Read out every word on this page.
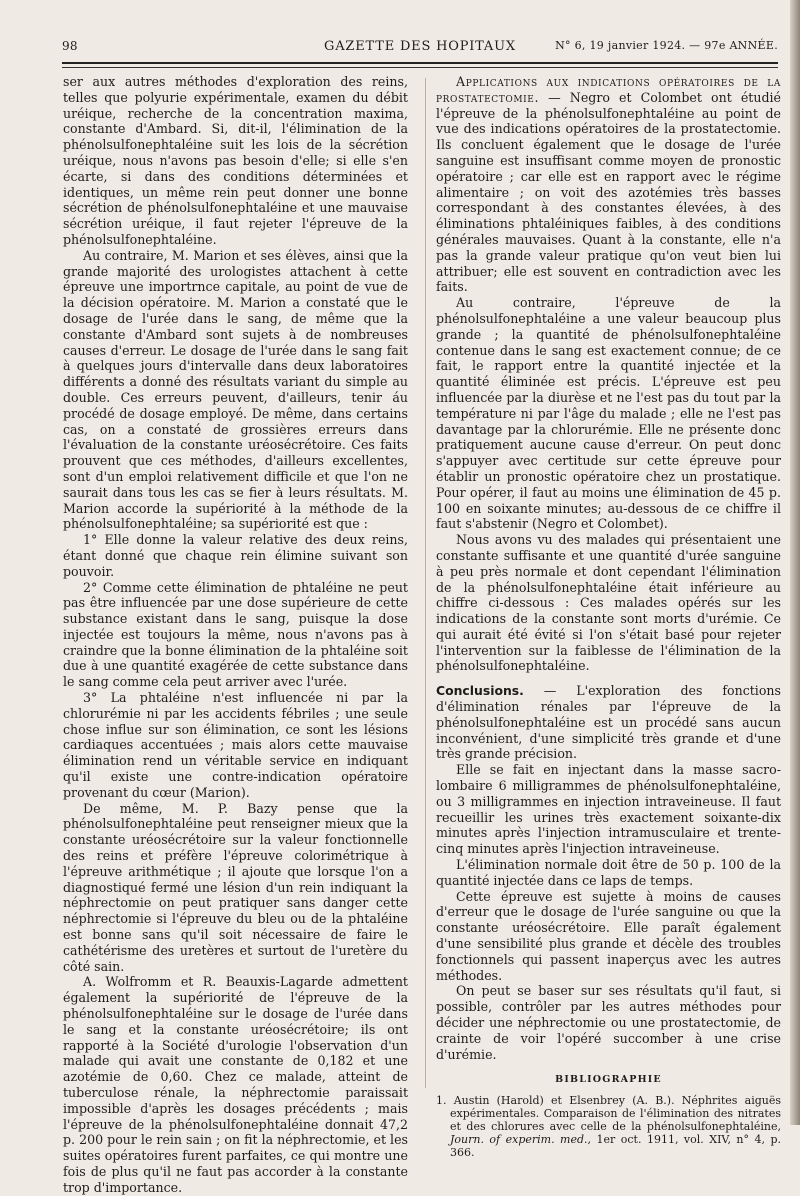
98	GAZETTE DES HOPITAUX	N° 6, 19 janvier 1924. — 97e ANNÉE.

ser aux autres méthodes d'exploration des reins, telles que polyurie expérimentale, examen du débit uréique, recherche de la concentration maxima, constante d'Ambard. Si, dit-il, l'élimination de la phénolsulfonephtaléine suit les lois de la sécrétion uréique, nous n'avons pas besoin d'elle; si elle s'en écarte, si dans des conditions déterminées et identiques, un même rein peut donner une bonne sécrétion de phénolsulfonephtaléine et une mauvaise sécrétion uréique, il faut rejeter l'épreuve de la phénolsulfonephtaléine.

Au contraire, M. Marion et ses élèves, ainsi que la grande majorité des urologistes attachent à cette épreuve une importrnce capitale, au point de vue de la décision opératoire. M. Marion a constaté que le dosage de l'urée dans le sang, de même que la constante d'Ambard sont sujets à de nombreuses causes d'erreur. Le dosage de l'urée dans le sang fait à quelques jours d'intervalle dans deux laboratoires différents a donné des résultats variant du simple au double. Ces erreurs peuvent, d'ailleurs, tenir áu procédé de dosage employé. De même, dans certains cas, on a constaté de grossières erreurs dans l'évaluation de la constante uréosécrétoire. Ces faits prouvent que ces méthodes, d'ailleurs excellentes, sont d'un emploi relativement difficile et que l'on ne saurait dans tous les cas se fier à leurs résultats. M. Marion accorde la supériorité à la méthode de la phénolsulfonephtaléine; sa supériorité est que :

1° Elle donne la valeur relative des deux reins, étant donné que chaque rein élimine suivant son pouvoir.

2° Comme cette élimination de phtaléine ne peut pas être influencée par une dose supérieure de cette substance existant dans le sang, puisque la dose injectée est toujours la même, nous n'avons pas à craindre que la bonne élimination de la phtaléine soit due à une quantité exagérée de cette substance dans le sang comme cela peut arriver avec l'urée.

3° La phtaléine n'est influencée ni par la chlorurémie ni par les accidents fébriles ; une seule chose influe sur son élimination, ce sont les lésions cardiaques accentuées ; mais alors cette mauvaise élimination rend un véritable service en indiquant qu'il existe une contre-indication opératoire provenant du cœur (Marion).

De même, M. P. Bazy pense que la phénolsulfonephtaléine peut renseigner mieux que la constante uréosécrétoire sur la valeur fonctionnelle des reins et préfère l'épreuve colorimétrique à l'épreuve arithmétique ; il ajoute que lorsque l'on a diagnostiqué fermé une lésion d'un rein indiquant la néphrectomie on peut pratiquer sans danger cette néphrectomie si l'épreuve du bleu ou de la phtaléine est bonne sans qu'il soit nécessaire de faire le cathétérisme des uretères et surtout de l'uretère du côté sain.

A. Wolfromm et R. Beauxis-Lagarde admettent également la supériorité de l'épreuve de la phénolsulfonephtaléine sur le dosage de l'urée dans le sang et la constante uréosécrétoire; ils ont rapporté à la Société d'urologie l'observation d'un malade qui avait une constante de 0,182 et une azotémie de 0,60. Chez ce malade, atteint de tuberculose rénale, la néphrectomie paraissait impossible d'après les dosages précédents ; mais l'épreuve de la phénolsulfonephtaléine donnait 47,2 p. 200 pour le rein sain ; on fit la néphrectomie, et les suites opératoires furent parfaites, ce qui montre une fois de plus qu'il ne faut pas accorder à la constante trop d'importance.

Applications aux indications opératoires de la prostatectomie. — Negro et Colombet ont étudié l'épreuve de la phénolsulfonephtaléine au point de vue des indications opératoires de la prostatectomie. Ils concluent également que le dosage de l'urée sanguine est insuffisant comme moyen de pronostic opératoire ; car elle est en rapport avec le régime alimentaire ; on voit des azotémies très basses correspondant à des constantes élevées, à des éliminations phtaléiniques faibles, à des conditions générales mauvaises. Quant à la constante, elle n'a pas la grande valeur pratique qu'on veut bien lui attribuer; elle est souvent en contradiction avec les faits.

Au contraire, l'épreuve de la phénolsulfonephtaléine a une valeur beaucoup plus grande ; la quantité de phénolsulfonephtaléine contenue dans le sang est exactement connue; de ce fait, le rapport entre la quantité injectée et la quantité éliminée est précis. L'épreuve est peu influencée par la diurèse et ne l'est pas du tout par la température ni par l'âge du malade ; elle ne l'est pas davantage par la chlorurémie. Elle ne présente donc pratiquement aucune cause d'erreur. On peut donc s'appuyer avec certitude sur cette épreuve pour établir un pronostic opératoire chez un prostatique. Pour opérer, il faut au moins une élimination de 45 p. 100 en soixante minutes; au-dessous de ce chiffre il faut s'abstenir (Negro et Colombet).

Nous avons vu des malades qui présentaient une constante suffisante et une quantité d'urée sanguine à peu près normale et dont cependant l'élimination de la phénolsulfonephtaléine était inférieure au chiffre ci-dessous : Ces malades opérés sur les indications de la constante sont morts d'urémie. Ce qui aurait été évité si l'on s'était basé pour rejeter l'intervention sur la faiblesse de l'élimination de la phénolsulfonephtaléine.

Conclusions. — L'exploration des fonctions d'élimination rénales par l'épreuve de la phénolsulfonephtaléine est un procédé sans aucun inconvénient, d'une simplicité très grande et d'une très grande précision.

Elle se fait en injectant dans la masse sacro-lombaire 6 milligrammes de phénolsulfonephtaléine, ou 3 milligrammes en injection intraveineuse. Il faut recueillir les urines très exactement soixante-dix minutes après l'injection intramusculaire et trente-cinq minutes après l'injection intraveineuse.

L'élimination normale doit être de 50 p. 100 de la quantité injectée dans ce laps de temps.

Cette épreuve est sujette à moins de causes d'erreur que le dosage de l'urée sanguine ou que la constante uréosécrétoire. Elle paraît également d'une sensibilité plus grande et décèle des troubles fonctionnels qui passent inaperçus avec les autres méthodes.

On peut se baser sur ses résultats qu'il faut, si possible, contrôler par les autres méthodes pour décider une néphrectomie ou une prostatectomie, de crainte de voir l'opéré succomber à une crise d'urémie.

BIBLIOGRAPHIE

1. Austin (Harold) et Elsenbrey (A. B.). Néphrites aiguës expérimentales. Comparaison de l'élimination des nitrates et des chlorures avec celle de la phénolsulfonephtaléine, Journ. of experim. med., 1er oct. 1911, vol. XIV, n° 4, p. 366.
